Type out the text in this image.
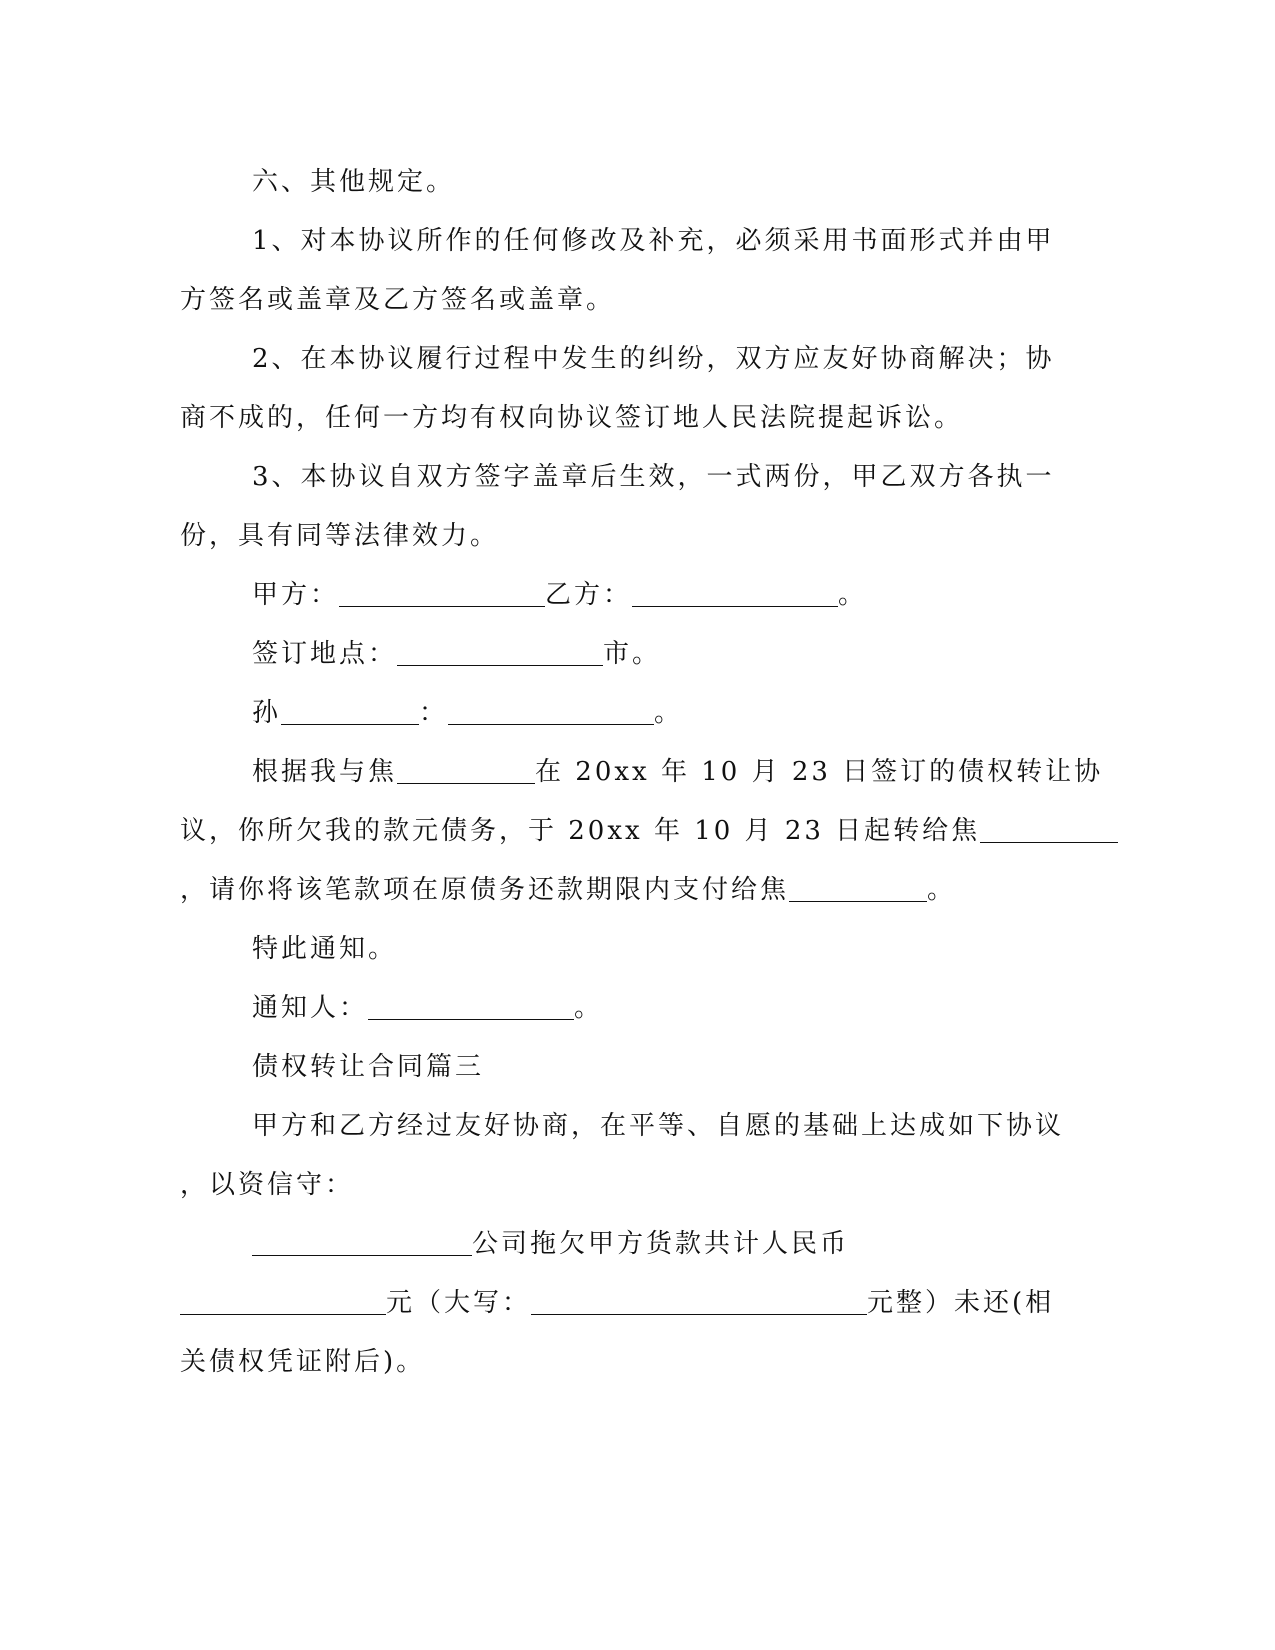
六、其他规定。
1、对本协议所作的任何修改及补充，必须采用书面形式并由甲
方签名或盖章及乙方签名或盖章。
2、在本协议履行过程中发生的纠纷，双方应友好协商解决；协
商不成的，任何一方均有权向协议签订地人民法院提起诉讼。
3、本协议自双方签字盖章后生效，一式两份，甲乙双方各执一
份，具有同等法律效力。
甲方：	乙方：	。
签订地点：	市。
孙	：	。
根据我与焦	在 20xx 年 10 月 23 日签订的债权转让协
议，你所欠我的款元债务，于 20xx 年 10 月 23 日起转给焦
，请你将该笔款项在原债务还款期限内支付给焦	。
特此通知。
通知人：	。
债权转让合同篇三
甲方和乙方经过友好协商，在平等、自愿的基础上达成如下协议
，以资信守：
公司拖欠甲方货款共计人民币
元（大写：	元整）未还(相
关债权凭证附后)。
